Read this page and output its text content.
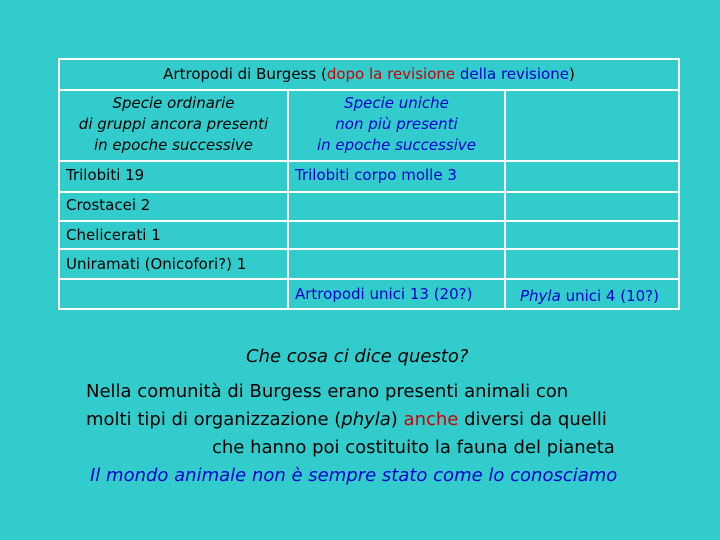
Artropodi di Burgess (dopo la revisione della revisione)
Specie ordinarie
di gruppi ancora presenti
in epoche successive
Specie uniche
non più presenti
in epoche successive
Trilobiti 19	Trilobiti corpo molle 3
Crostacei 2
Chelicerati 1
Uniramati (Onicofori?) 1
Artropodi unici 13 (20?)	Phyla unici 4 (10?)
Che cosa ci dice questo?
Nella comunità di Burgess erano presenti animali con
molti tipi di organizzazione (phyla) anche diversi da quelli
che hanno poi costituito la fauna del pianeta
Il mondo animale non è sempre stato come lo conosciamo
